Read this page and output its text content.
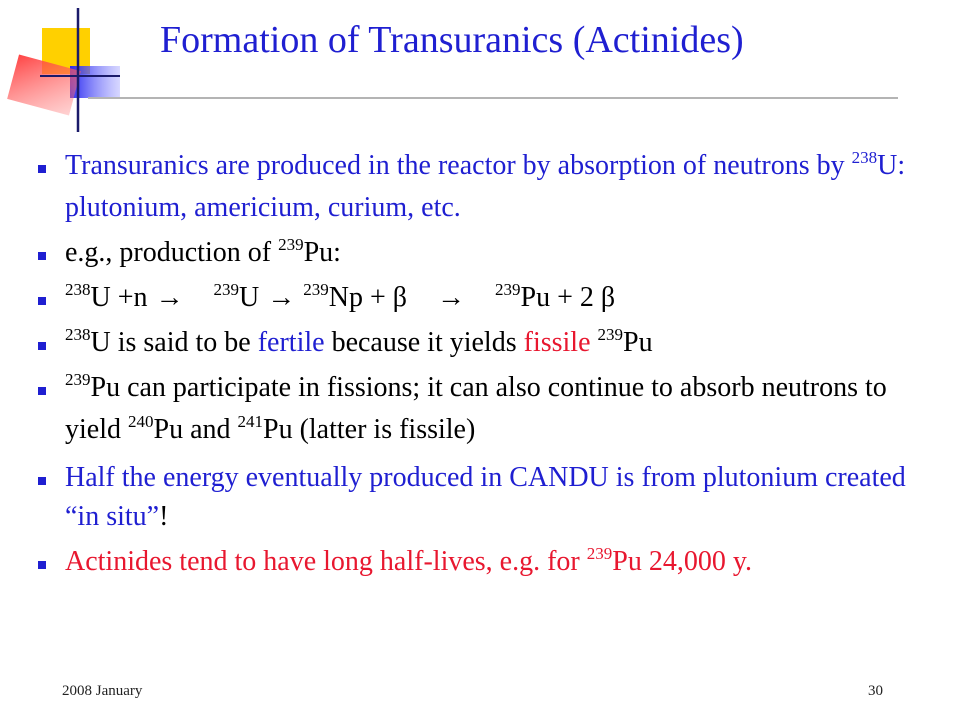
Formation of Transuranics (Actinides)
Transuranics are produced in the reactor by absorption of neutrons by $^{238}$U: plutonium, americium, curium, etc.
e.g., production of $^{239}$Pu:
$^{238}$U +n → $^{239}$U → $^{239}$Np + β → $^{239}$Pu + 2 β
$^{238}$U is said to be fertile because it yields fissile $^{239}$Pu
$^{239}$Pu can participate in fissions; it can also continue to absorb neutrons to yield $^{240}$Pu and $^{241}$Pu (latter is fissile)
Half the energy eventually produced in CANDU is from plutonium created “in situ”!
Actinides tend to have long half-lives, e.g. for $^{239}$Pu 24,000 y.
2008 January	30
